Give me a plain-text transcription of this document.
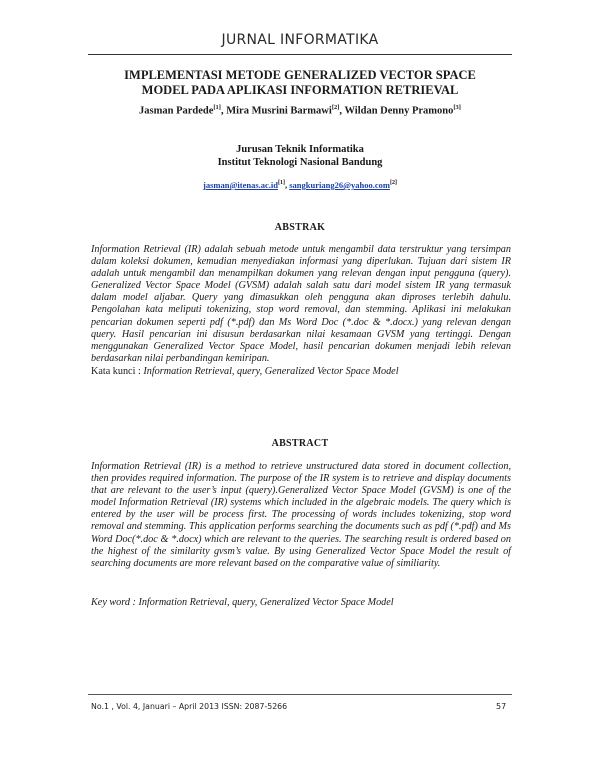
JURNAL INFORMATIKA
IMPLEMENTASI METODE GENERALIZED VECTOR SPACE
MODEL PADA APLIKASI INFORMATION RETRIEVAL
Jasman Pardede[1], Mira Musrini Barmawi[2], Wildan Denny Pramono[3]
Jurusan Teknik Informatika
Institut Teknologi Nasional Bandung
jasman@itenas.ac.id[1], sangkuriang26@yahoo.com[2]
ABSTRAK
Information Retrieval (IR) adalah sebuah metode untuk mengambil data terstruktur yang tersimpan dalam koleksi dokumen, kemudian menyediakan informasi yang diperlukan. Tujuan dari sistem IR adalah untuk mengambil dan menampilkan dokumen yang relevan dengan input pengguna (query). Generalized Vector Space Model (GVSM) adalah salah satu dari model sistem IR yang termasuk dalam model aljabar. Query yang dimasukkan oleh pengguna akan diproses terlebih dahulu. Pengolahan kata meliputi tokenizing, stop word removal, dan stemming. Aplikasi ini melakukan pencarian dokumen seperti pdf (*.pdf) dan Ms Word Doc (*.doc & *.docx.) yang relevan dengan query. Hasil pencarian ini disusun berdasarkan nilai kesamaan GVSM yang tertinggi. Dengan menggunakan Generalized Vector Space Model, hasil pencarian dokumen menjadi lebih relevan berdasarkan nilai perbandingan kemiripan.
Kata kunci : Information Retrieval, query, Generalized Vector Space Model
ABSTRACT
Information Retrieval (IR) is a method to retrieve unstructured data stored in document collection, then provides required information. The purpose of the IR system is to retrieve and display documents that are relevant to the user’s input (query).Generalized Vector Space Model (GVSM) is one of the model Information Retrieval (IR) systems which included in the algebraic models. The query which is entered by the user will be process first. The processing of words includes tokenizing, stop word removal and stemming. This application performs searching the documents such as pdf (*.pdf) and Ms Word Doc(*.doc & *.docx) which are relevant to the queries. The searching result is ordered based on the highest of the similarity gvsm’s value. By using Generalized Vector Space Model the result of searching documents are more relevant based on the comparative value of similiarity.
Key word : Information Retrieval, query, Generalized Vector Space Model
No.1 , Vol. 4, Januari – April 2013 ISSN: 2087-5266	57
